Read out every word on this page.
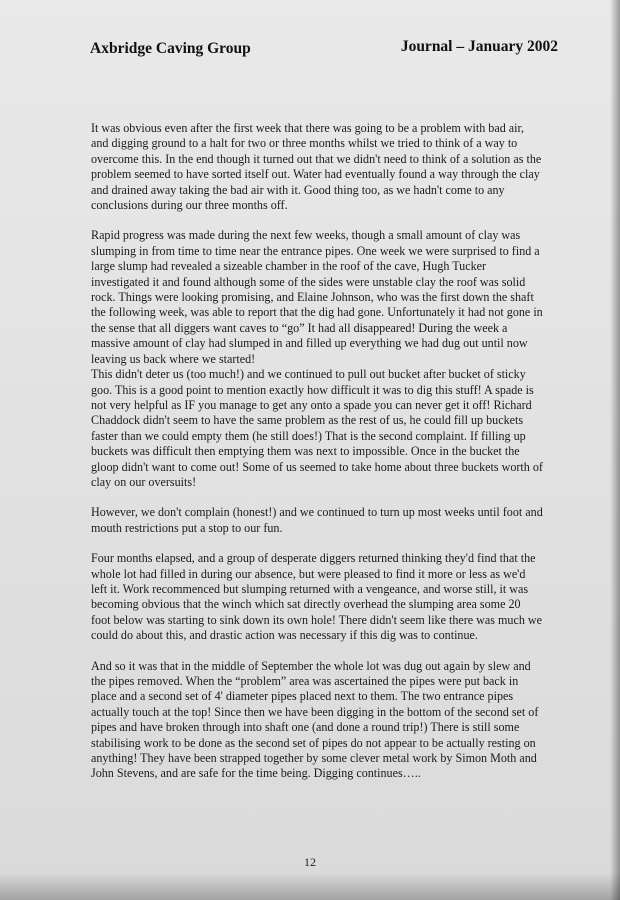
Axbridge Caving Group	Journal – January 2002

It was obvious even after the first week that there was going to be a problem with bad air, and digging ground to a halt for two or three months whilst we tried to think of a way to overcome this. In the end though it turned out that we didn't need to think of a solution as the problem seemed to have sorted itself out. Water had eventually found a way through the clay and drained away taking the bad air with it. Good thing too, as we hadn't come to any conclusions during our three months off.

Rapid progress was made during the next few weeks, though a small amount of clay was slumping in from time to time near the entrance pipes. One week we were surprised to find a large slump had revealed a sizeable chamber in the roof of the cave, Hugh Tucker investigated it and found although some of the sides were unstable clay the roof was solid rock. Things were looking promising, and Elaine Johnson, who was the first down the shaft the following week, was able to report that the dig had gone. Unfortunately it had not gone in the sense that all diggers want caves to “go” It had all disappeared! During the week a massive amount of clay had slumped in and filled up everything we had dug out until now leaving us back where we started!

This didn't deter us (too much!) and we continued to pull out bucket after bucket of sticky goo. This is a good point to mention exactly how difficult it was to dig this stuff! A spade is not very helpful as IF you manage to get any onto a spade you can never get it off! Richard Chaddock didn't seem to have the same problem as the rest of us, he could fill up buckets faster than we could empty them (he still does!) That is the second complaint. If filling up buckets was difficult then emptying them was next to impossible. Once in the bucket the gloop didn't want to come out! Some of us seemed to take home about three buckets worth of clay on our oversuits!

However, we don't complain (honest!) and we continued to turn up most weeks until foot and mouth restrictions put a stop to our fun.

Four months elapsed, and a group of desperate diggers returned thinking they'd find that the whole lot had filled in during our absence, but were pleased to find it more or less as we'd left it. Work recommenced but slumping returned with a vengeance, and worse still, it was becoming obvious that the winch which sat directly overhead the slumping area some 20 foot below was starting to sink down its own hole! There didn't seem like there was much we could do about this, and drastic action was necessary if this dig was to continue.

And so it was that in the middle of September the whole lot was dug out again by slew and the pipes removed. When the “problem” area was ascertained the pipes were put back in place and a second set of 4' diameter pipes placed next to them. The two entrance pipes actually touch at the top! Since then we have been digging in the bottom of the second set of pipes and have broken through into shaft one (and done a round trip!) There is still some stabilising work to be done as the second set of pipes do not appear to be actually resting on anything! They have been strapped together by some clever metal work by Simon Moth and John Stevens, and are safe for the time being. Digging continues…..

12
